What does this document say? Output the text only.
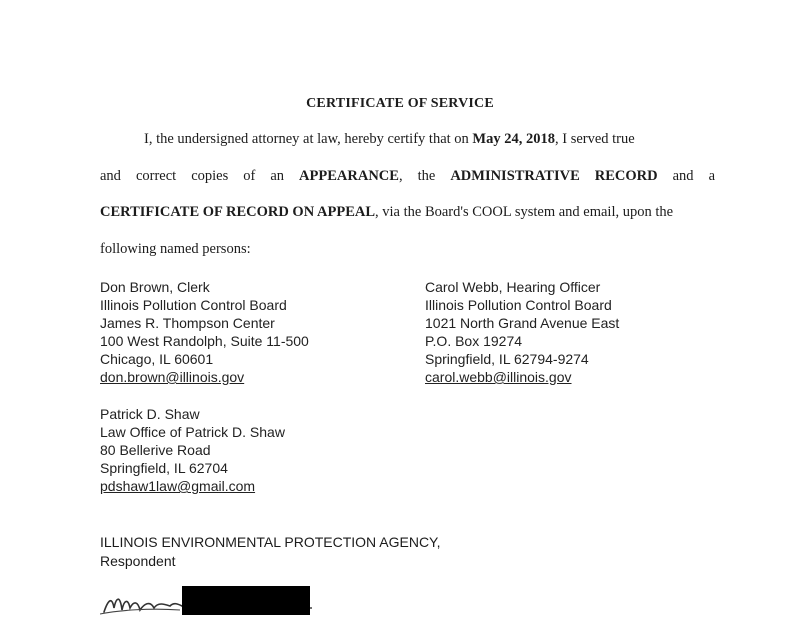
CERTIFICATE OF SERVICE
I, the undersigned attorney at law, hereby certify that on May 24, 2018, I served true
and correct copies of an APPEARANCE, the ADMINISTRATIVE RECORD and a
CERTIFICATE OF RECORD ON APPEAL, via the Board's COOL system and email, upon the
following named persons:
Don Brown, Clerk
Illinois Pollution Control Board
James R. Thompson Center
100 West Randolph, Suite 11-500
Chicago, IL 60601
don.brown@illinois.gov
Carol Webb, Hearing Officer
Illinois Pollution Control Board
1021 North Grand Avenue East
P.O. Box 19274
Springfield, IL 62794-9274
carol.webb@illinois.gov
Patrick D. Shaw
Law Office of Patrick D. Shaw
80 Bellerive Road
Springfield, IL 62704
pdshaw1law@gmail.com
ILLINOIS ENVIRONMENTAL PROTECTION AGENCY,
Respondent
